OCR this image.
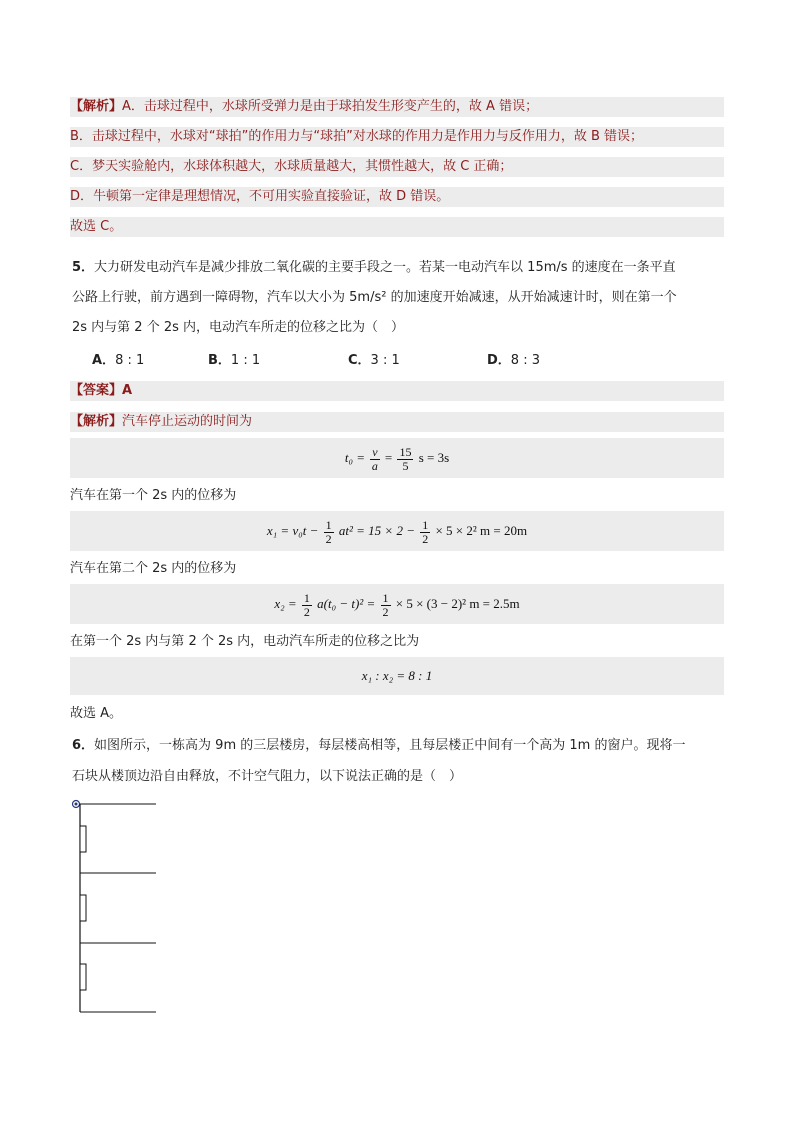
【解析】A．击球过程中，水球所受弹力是由于球拍发生形变产生的，故 A 错误；
B．击球过程中，水球对“球拍”的作用力与“球拍”对水球的作用力是作用力与反作用力，故 B 错误；
C．梦天实验舱内，水球体积越大，水球质量越大，其惯性越大，故 C 正确；
D．牛顿第一定律是理想情况，不可用实验直接验证，故 D 错误。
故选 C。
5．大力研发电动汽车是减少排放二氧化碳的主要手段之一。若某一电动汽车以 15m/s 的速度在一条平直
公路上行驶，前方遇到一障碍物，汽车以大小为 5m/s² 的加速度开始减速，从开始减速计时，则在第一个
2s 内与第 2 个 2s 内，电动汽车所走的位移之比为（　）
A．8 : 1	B．1 : 1	C．3 : 1	D．8 : 3
【答案】A
【解析】汽车停止运动的时间为
$t_0 = \frac{v}{a} = \frac{15}{5}$ s = 3s
汽车在第一个 2s 内的位移为
$x_1 = v_0t - \frac{1}{2} at^2 = 15 \times 2 - \frac{1}{2} \times 5 \times 2^2$ m = 20m
汽车在第二个 2s 内的位移为
$x_2 = \frac{1}{2} a(t_0 - t)^2 = \frac{1}{2} \times 5 \times (3 - 2)^2$ m = 2.5m
在第一个 2s 内与第 2 个 2s 内，电动汽车所走的位移之比为
x₁ : x₂ = 8 : 1
故选 A。
6．如图所示，一栋高为 9m 的三层楼房，每层楼高相等，且每层楼正中间有一个高为 1m 的窗户。现将一
石块从楼顶边沿自由释放，不计空气阻力，以下说法正确的是（　）
